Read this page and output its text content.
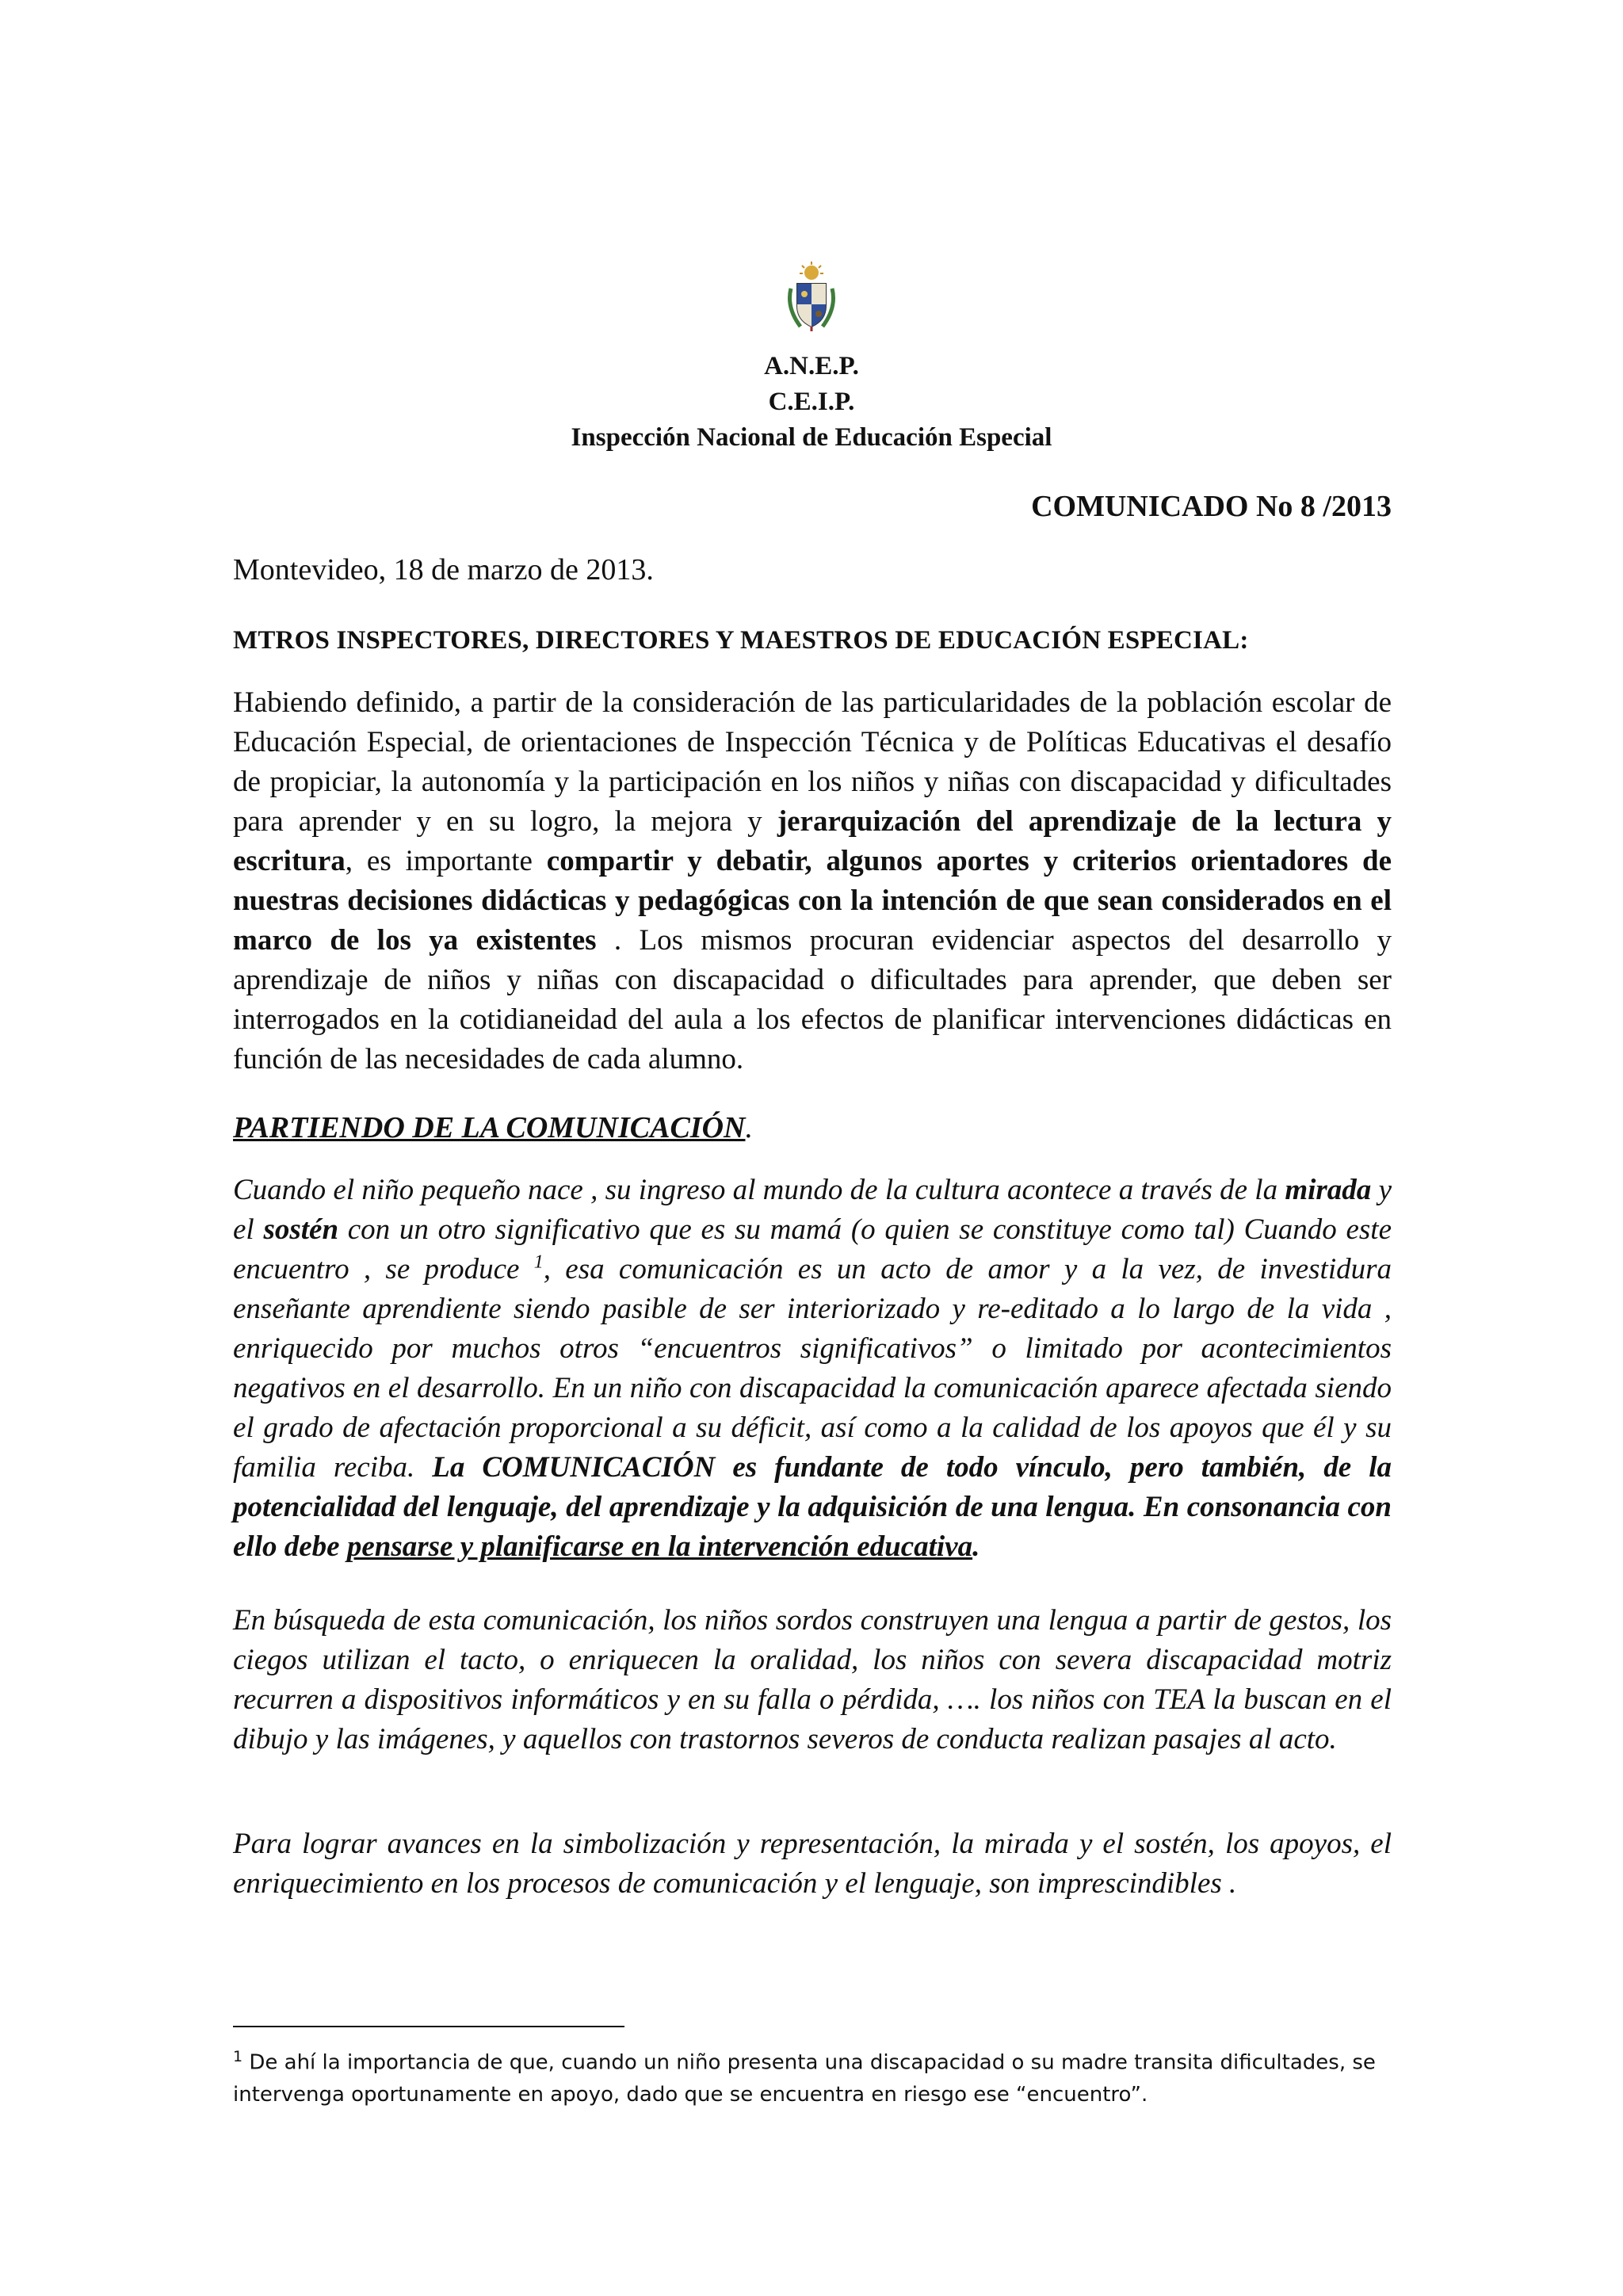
A.N.E.P.
C.E.I.P.
Inspección Nacional de Educación Especial
COMUNICADO No 8 /2013
Montevideo, 18 de marzo de 2013.
MTROS INSPECTORES, DIRECTORES Y MAESTROS DE EDUCACIÓN ESPECIAL:

Habiendo definido, a partir de la consideración de las particularidades de la población escolar de Educación Especial, de orientaciones de Inspección Técnica y de Políticas Educativas el desafío de propiciar, la autonomía y la participación en los niños y niñas con discapacidad y dificultades para aprender y en su logro, la mejora y jerarquización del aprendizaje de la lectura y escritura, es importante compartir y debatir, algunos aportes y criterios orientadores de nuestras decisiones didácticas y pedagógicas con la intención de que sean considerados en el marco de los ya existentes . Los mismos procuran evidenciar aspectos del desarrollo y aprendizaje de niños y niñas con discapacidad o dificultades para aprender, que deben ser interrogados en la cotidianeidad del aula a los efectos de planificar intervenciones didácticas en función de las necesidades de cada alumno.

PARTIENDO DE LA COMUNICACIÓN.

Cuando el niño pequeño nace , su ingreso al mundo de la cultura acontece a través de la mirada y el sostén con un otro significativo que es su mamá (o quien se constituye como tal) Cuando este encuentro , se produce $^1$, esa comunicación es un acto de amor y a la vez, de investidura enseñante aprendiente siendo pasible de ser interiorizado y re-editado a lo largo de la vida , enriquecido por muchos otros “encuentros significativos” o limitado por acontecimientos negativos en el desarrollo. En un niño con discapacidad la comunicación aparece afectada siendo el grado de afectación proporcional a su déficit, así como a la calidad de los apoyos que él y su familia reciba. La COMUNICACIÓN es fundante de todo vínculo, pero también, de la potencialidad del lenguaje, del aprendizaje y la adquisición de una lengua. En consonancia con ello debe pensarse y planificarse en la intervención educativa.

En búsqueda de esta comunicación, los niños sordos construyen una lengua a partir de gestos, los ciegos utilizan el tacto, o enriquecen la oralidad, los niños con severa discapacidad motriz recurren a dispositivos informáticos y en su falla o pérdida, …. los niños con TEA la buscan en el dibujo y las imágenes, y aquellos con trastornos severos de conducta realizan pasajes al acto.

Para lograr avances en la simbolización y representación, la mirada y el sostén, los apoyos, el enriquecimiento en los procesos de comunicación y el lenguaje, son imprescindibles .

$^1$ De ahí la importancia de que, cuando un niño presenta una discapacidad o su madre transita dificultades, se intervenga oportunamente en apoyo, dado que se encuentra en riesgo ese “encuentro”.
